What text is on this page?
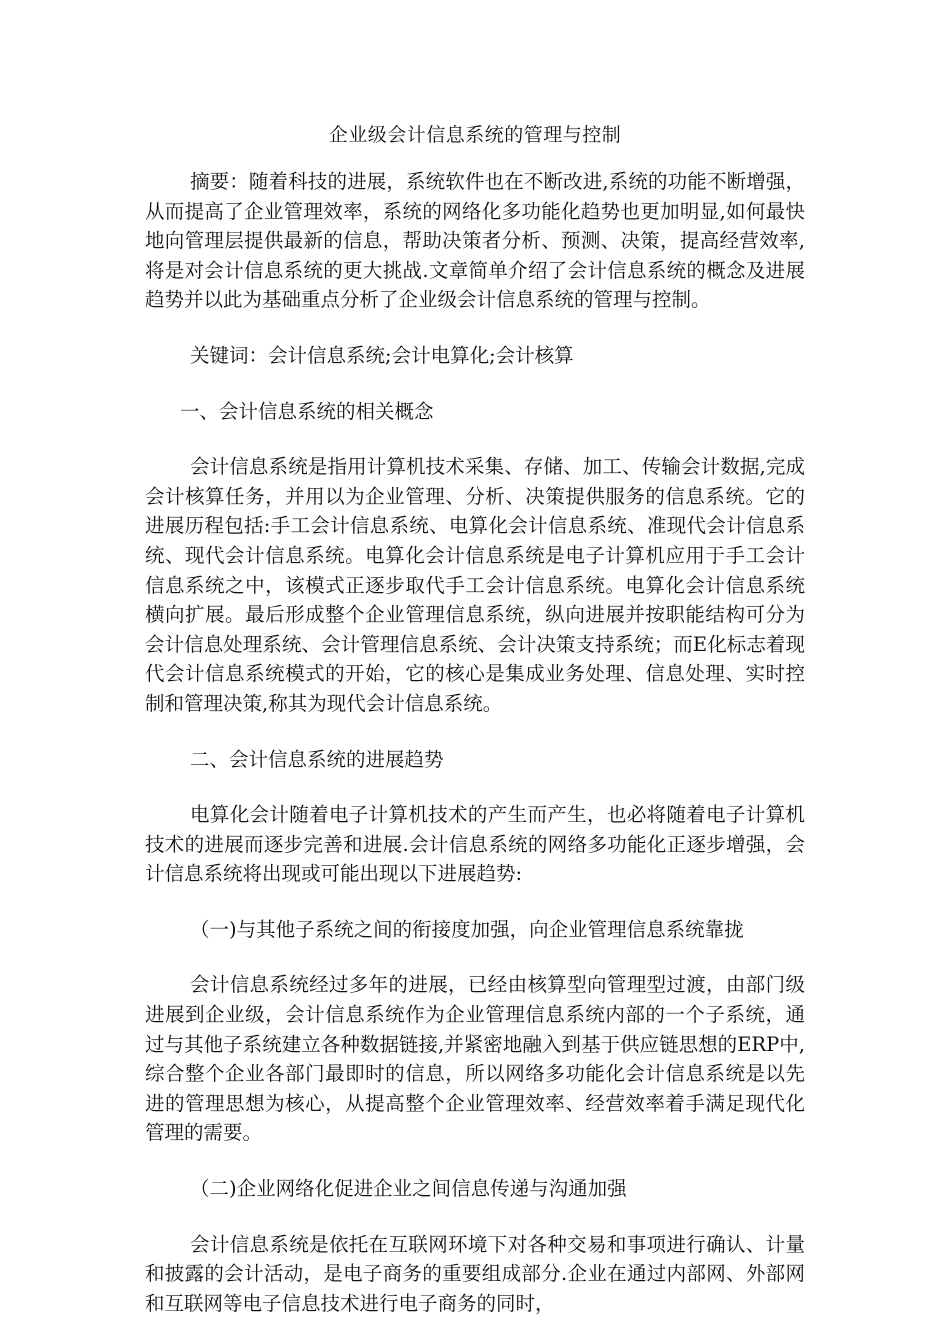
企业级会计信息系统的管理与控制

摘要：随着科技的进展，系统软件也在不断改进,系统的功能不断增强，从而提高了企业管理效率，系统的网络化多功能化趋势也更加明显,如何最快地向管理层提供最新的信息，帮助决策者分析、预测、决策，提高经营效率,将是对会计信息系统的更大挑战.文章简单介绍了会计信息系统的概念及进展趋势并以此为基础重点分析了企业级会计信息系统的管理与控制。

关键词：会计信息系统;会计电算化;会计核算

一、会计信息系统的相关概念

会计信息系统是指用计算机技术采集、存储、加工、传输会计数据,完成会计核算任务，并用以为企业管理、分析、决策提供服务的信息系统。它的进展历程包括:手工会计信息系统、电算化会计信息系统、准现代会计信息系统、现代会计信息系统。电算化会计信息系统是电子计算机应用于手工会计信息系统之中，该模式正逐步取代手工会计信息系统。电算化会计信息系统横向扩展。最后形成整个企业管理信息系统，纵向进展并按职能结构可分为会计信息处理系统、会计管理信息系统、会计决策支持系统；而E化标志着现代会计信息系统模式的开始，它的核心是集成业务处理、信息处理、实时控制和管理决策,称其为现代会计信息系统。

二、会计信息系统的进展趋势

电算化会计随着电子计算机技术的产生而产生，也必将随着电子计算机技术的进展而逐步完善和进展.会计信息系统的网络多功能化正逐步增强，会计信息系统将出现或可能出现以下进展趋势:

（一)与其他子系统之间的衔接度加强，向企业管理信息系统靠拢

会计信息系统经过多年的进展，已经由核算型向管理型过渡，由部门级进展到企业级，会计信息系统作为企业管理信息系统内部的一个子系统，通过与其他子系统建立各种数据链接,并紧密地融入到基于供应链思想的ERP中,综合整个企业各部门最即时的信息，所以网络多功能化会计信息系统是以先进的管理思想为核心，从提高整个企业管理效率、经营效率着手满足现代化管理的需要。

（二)企业网络化促进企业之间信息传递与沟通加强

会计信息系统是依托在互联网环境下对各种交易和事项进行确认、计量和披露的会计活动，是电子商务的重要组成部分.企业在通过内部网、外部网和互联网等电子信息技术进行电子商务的同时，
